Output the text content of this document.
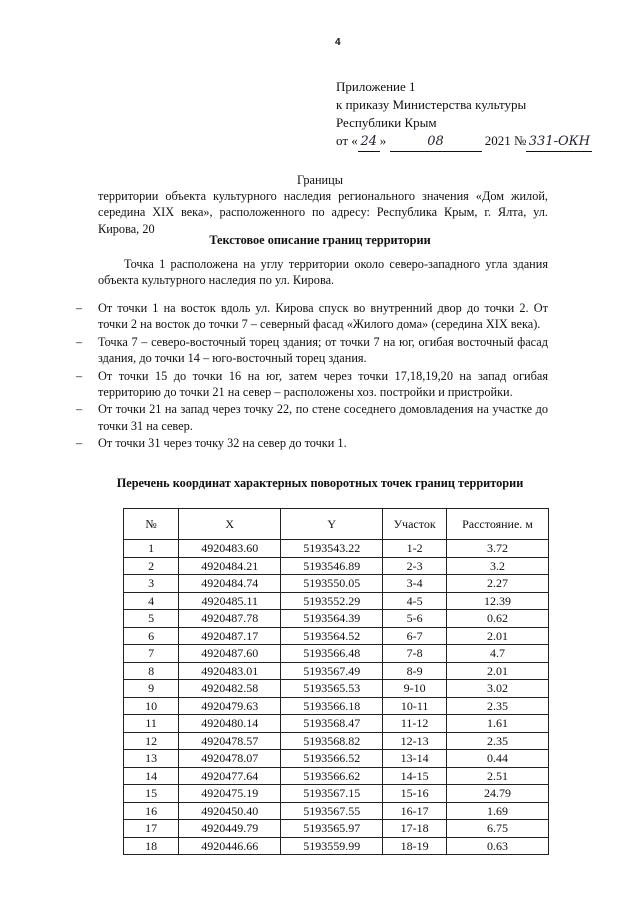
4
Приложение 1
к приказу Министерства культуры
Республики Крым
от « 24 »	08	2021 № 331-ОКН
Границы
территории объекта культурного наследия регионального значения «Дом жилой, середина XIX века», расположенного по адресу: Республика Крым, г. Ялта, ул. Кирова, 20
Текстовое описание границ территории
Точка 1 расположена на углу территории около северо-западного угла здания объекта культурного наследия по ул. Кирова.
– От точки 1 на восток вдоль ул. Кирова спуск во внутренний двор до точки 2. От точки 2 на восток до точки 7 – северный фасад «Жилого дома» (середина XIX века).
– Точка 7 – северо-восточный торец здания; от точки 7 на юг, огибая восточный фасад здания, до точки 14 – юго-восточный торец здания.
– От точки 15 до точки 16 на юг, затем через точки 17,18,19,20 на запад огибая территорию до точки 21 на север – расположены хоз. постройки и пристройки.
– От точки 21 на запад через точку 22, по стене соседнего домовладения на участке до точки 31 на север.
– От точки 31 через точку 32 на север до точки 1.
Перечень координат характерных поворотных точек границ территории
№	X	Y	Участок	Расстояние. м
1	4920483.60	5193543.22	1-2	3.72
2	4920484.21	5193546.89	2-3	3.2
3	4920484.74	5193550.05	3-4	2.27
4	4920485.11	5193552.29	4-5	12.39
5	4920487.78	5193564.39	5-6	0.62
6	4920487.17	5193564.52	6-7	2.01
7	4920487.60	5193566.48	7-8	4.7
8	4920483.01	5193567.49	8-9	2.01
9	4920482.58	5193565.53	9-10	3.02
10	4920479.63	5193566.18	10-11	2.35
11	4920480.14	5193568.47	11-12	1.61
12	4920478.57	5193568.82	12-13	2.35
13	4920478.07	5193566.52	13-14	0.44
14	4920477.64	5193566.62	14-15	2.51
15	4920475.19	5193567.15	15-16	24.79
16	4920450.40	5193567.55	16-17	1.69
17	4920449.79	5193565.97	17-18	6.75
18	4920446.66	5193559.99	18-19	0.63
